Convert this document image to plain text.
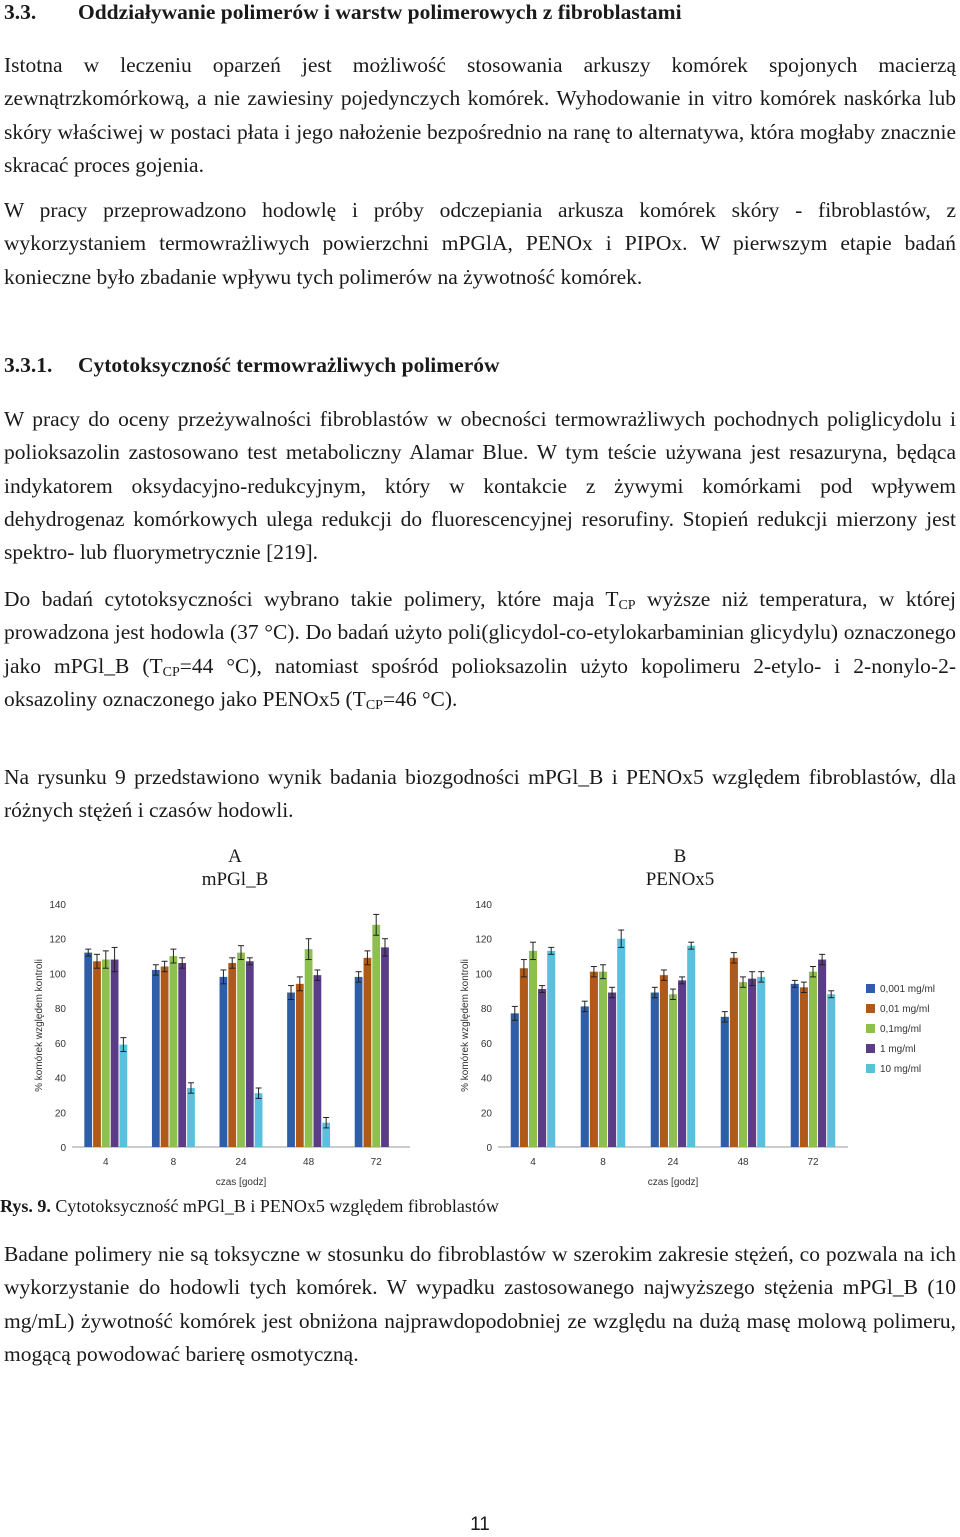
3.3. Oddziaływanie polimerów i warstw polimerowych z fibroblastami

Istotna w leczeniu oparzeń jest możliwość stosowania arkuszy komórek spojonych macierzą zewnątrzkomórkową, a nie zawiesiny pojedynczych komórek. Wyhodowanie in vitro komórek naskórka lub skóry właściwej w postaci płata i jego nałożenie bezpośrednio na ranę to alternatywa, która mogłaby znacznie skracać proces gojenia.

W pracy przeprowadzono hodowlę i próby odczepiania arkusza komórek skóry - fibroblastów, z wykorzystaniem termowrażliwych powierzchni mPGlA, PENOx i PIPOx. W pierwszym etapie badań konieczne było zbadanie wpływu tych polimerów na żywotność komórek.

3.3.1. Cytotoksyczność termowrażliwych polimerów

W pracy do oceny przeżywalności fibroblastów w obecności termowrażliwych pochodnych poliglicydolu i polioksazolin zastosowano test metaboliczny Alamar Blue. W tym teście używana jest resazuryna, będąca indykatorem oksydacyjno-redukcyjnym, który w kontakcie z żywymi komórkami pod wpływem dehydrogenaz komórkowych ulega redukcji do fluorescencyjnej resorufiny. Stopień redukcji mierzony jest spektro- lub fluorymetrycznie [219].

Do badań cytotoksyczności wybrano takie polimery, które maja $T_{CP}$ wyższe niż temperatura, w której prowadzona jest hodowla (37 °C). Do badań użyto poli(glicydol-co-etylokarbaminian glicydylu) oznaczonego jako mPGl_B ($T_{CP}=44$ °C), natomiast spośród polioksazolin użyto kopolimeru 2-etylo- i 2-nonylo-2-oksazoliny oznaczonego jako PENOx5 ($T_{CP}=46$ °C).

Na rysunku 9 przedstawiono wynik badania biozgodności mPGl_B i PENOx5 względem fibroblastów, dla różnych stężeń i czasów hodowli.

A
mPGl_B
B
PENOx5
0
20
40
60
80
100
120
140
% komórek względem kontroli
czas [godz]
4	8	24	48	72
0
20
40
60
80
100
120
140
% komórek względem kontroli
czas [godz]
4	8	24	48	72
0,001 mg/ml
0,01 mg/ml
0,1mg/ml
1 mg/ml
10 mg/ml
Rys. 9. Cytotoksyczność mPGl_B i PENOx5 względem fibroblastów

Badane polimery nie są toksyczne w stosunku do fibroblastów w szerokim zakresie stężeń, co pozwala na ich wykorzystanie do hodowli tych komórek. W wypadku zastosowanego najwyższego stężenia mPGl_B (10 mg/mL) żywotność komórek jest obniżona najprawdopodobniej ze względu na dużą masę molową polimeru, mogącą powodować barierę osmotyczną.

11
